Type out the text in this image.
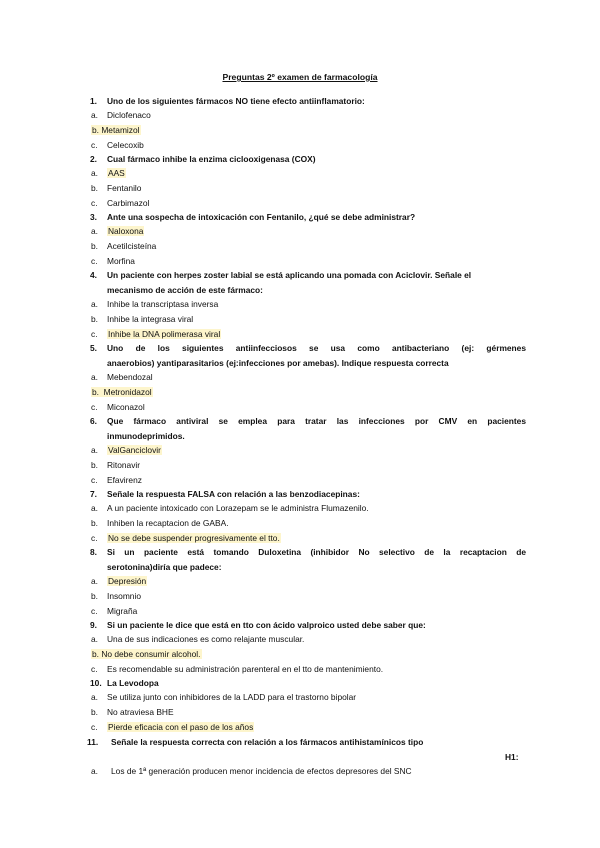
Preguntas 2º examen de farmacología
1. Uno de los siguientes fármacos NO tiene efecto antiinflamatorio:
a. Diclofenaco
b. Metamizol
c. Celecoxib
2. Cual fármaco inhibe la enzima ciclooxigenasa (COX)
a. AAS
b. Fentanilo
c. Carbimazol
3. Ante una sospecha de intoxicación con Fentanilo, ¿qué se debe administrar?
a. Naloxona
b. Acetilcisteína
c. Morfina
4. Un paciente con herpes zoster labial se está aplicando una pomada con Aciclovir. Señale el
mecanismo de acción de este fármaco:
a. Inhibe la transcriptasa inversa
b. Inhibe la integrasa viral
c. Inhibe la DNA polimerasa viral
5. Uno de los siguientes antiinfecciosos se usa como antibacteriano (ej: gérmenes
anaerobios) yantiparasitarios (ej:infecciones por amebas). Indique respuesta correcta
a. Mebendozal
b. Metronidazol
c. Miconazol
6. Que fármaco antiviral se emplea para tratar las infecciones por CMV en pacientes
inmunodeprimidos.
a. ValGanciclovir
b. Ritonavir
c. Efavirenz
7. Señale la respuesta FALSA con relación a las benzodiacepinas:
a. A un paciente intoxicado con Lorazepam se le administra Flumazenilo.
b. Inhiben la recaptacion de GABA.
c. No se debe suspender progresivamente el tto.
8. Si un paciente está tomando Duloxetina (inhibidor No selectivo de la recaptacion de
serotonina)diría que padece:
a. Depresión
b. Insomnio
c. Migraña
9. Si un paciente le dice que está en tto con ácido valproico usted debe saber que:
a. Una de sus indicaciones es como relajante muscular.
b. No debe consumir alcohol.
c. Es recomendable su administración parenteral en el tto de mantenimiento.
10. La Levodopa
a. Se utiliza junto con inhibidores de la LADD para el trastorno bipolar
b. No atraviesa BHE
c. Pierde eficacia con el paso de los años
11. Señale la respuesta correcta con relación a los fármacos antihistamínicos tipo
H1:
a. Los de 1ª generación producen menor incidencia de efectos depresores del SNC
